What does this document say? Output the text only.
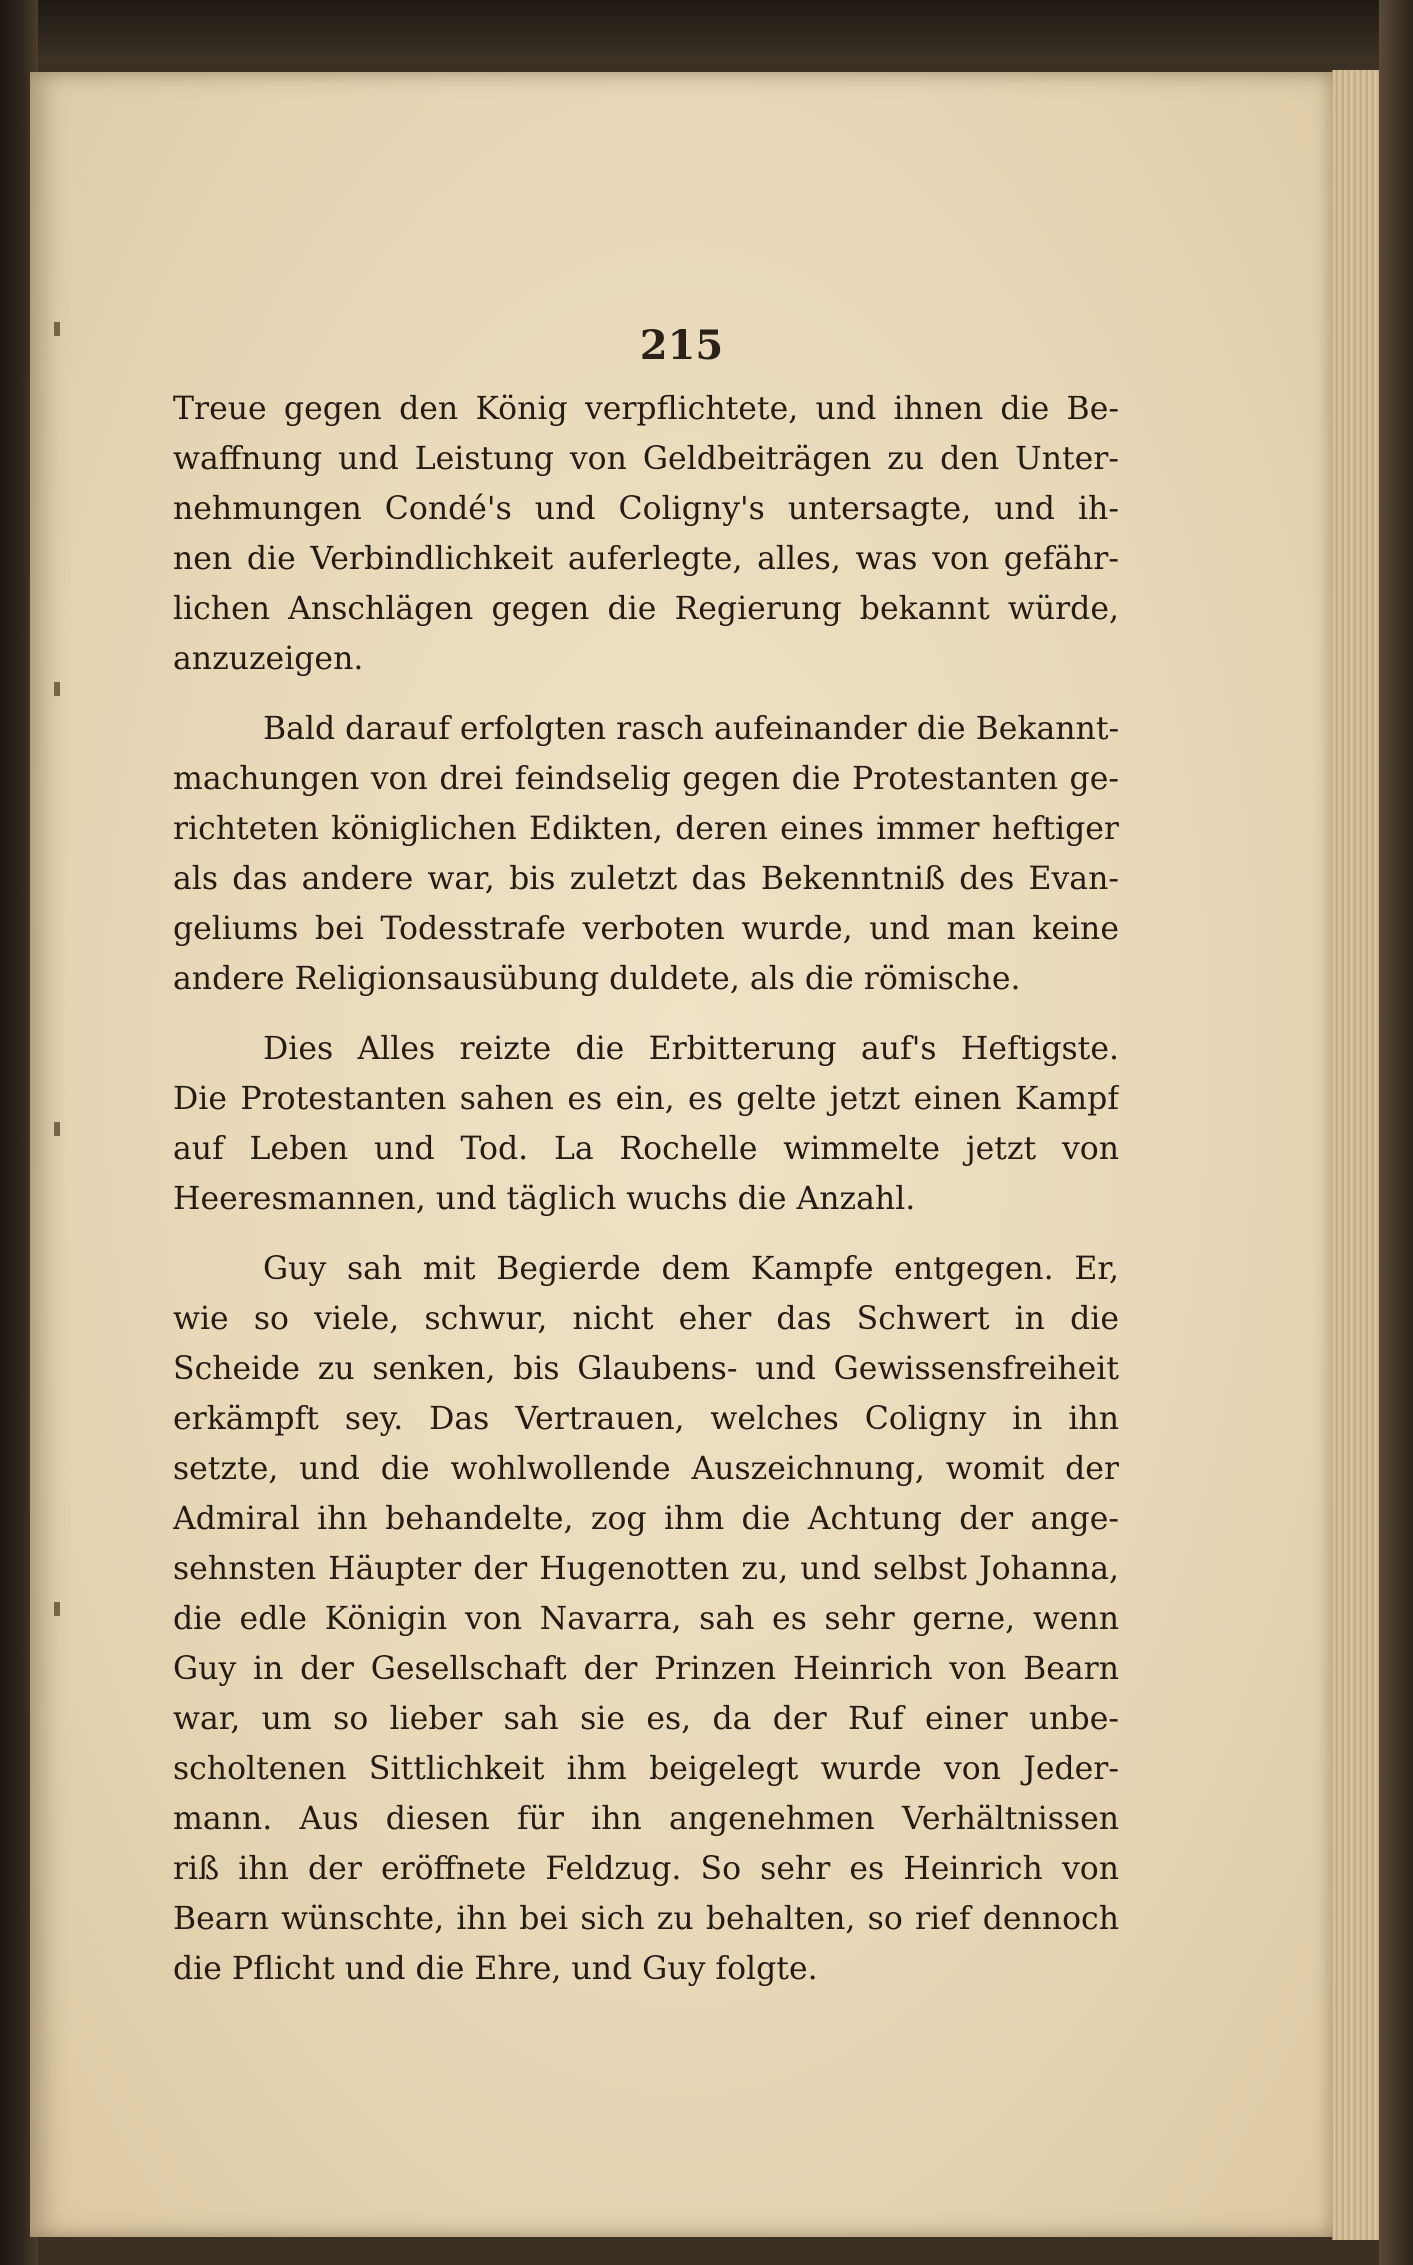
215
Treue gegen den König verpflichtete, und ihnen die Be-
waffnung und Leistung von Geldbeiträgen zu den Unter-
nehmungen Condé's und Coligny's untersagte, und ih-
nen die Verbindlichkeit auferlegte, alles, was von gefähr-
lichen Anschlägen gegen die Regierung bekannt würde,
anzuzeigen.
Bald darauf erfolgten rasch aufeinander die Bekannt-
machungen von drei feindselig gegen die Protestanten ge-
richteten königlichen Edikten, deren eines immer heftiger
als das andere war, bis zuletzt das Bekenntniß des Evan-
geliums bei Todesstrafe verboten wurde, und man keine
andere Religionsausübung duldete, als die römische.
Dies Alles reizte die Erbitterung auf's Heftigste.
Die Protestanten sahen es ein, es gelte jetzt einen Kampf
auf Leben und Tod. La Rochelle wimmelte jetzt von
Heeresmannen, und täglich wuchs die Anzahl.
Guy sah mit Begierde dem Kampfe entgegen. Er,
wie so viele, schwur, nicht eher das Schwert in die
Scheide zu senken, bis Glaubens- und Gewissensfreiheit
erkämpft sey. Das Vertrauen, welches Coligny in ihn
setzte, und die wohlwollende Auszeichnung, womit der
Admiral ihn behandelte, zog ihm die Achtung der ange-
sehnsten Häupter der Hugenotten zu, und selbst Johanna,
die edle Königin von Navarra, sah es sehr gerne, wenn
Guy in der Gesellschaft der Prinzen Heinrich von Bearn
war, um so lieber sah sie es, da der Ruf einer unbe-
scholtenen Sittlichkeit ihm beigelegt wurde von Jeder-
mann. Aus diesen für ihn angenehmen Verhältnissen
riß ihn der eröffnete Feldzug. So sehr es Heinrich von
Bearn wünschte, ihn bei sich zu behalten, so rief dennoch
die Pflicht und die Ehre, und Guy folgte.
